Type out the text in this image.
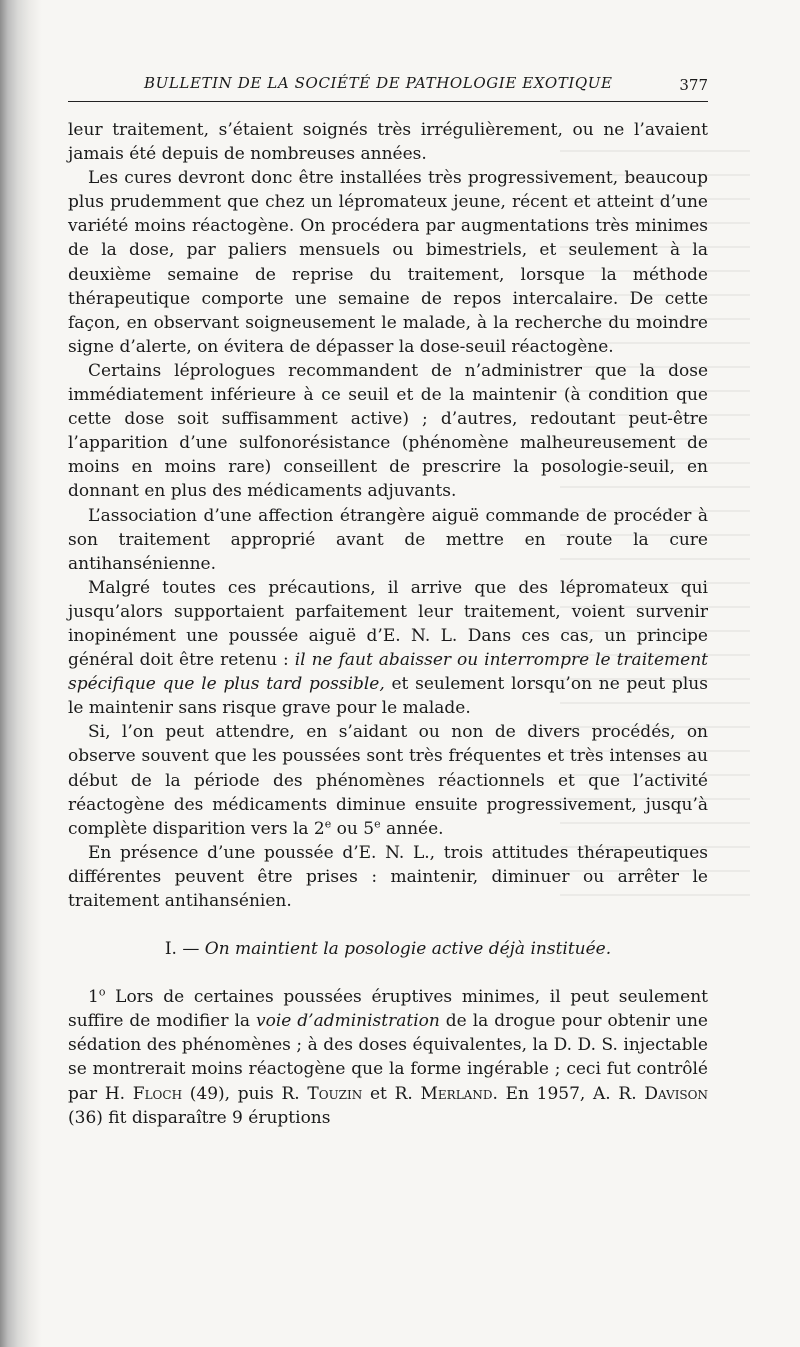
BULLETIN DE LA SOCIÉTÉ DE PATHOLOGIE EXOTIQUE	377

leur traitement, s’étaient soignés très irrégulièrement, ou ne l’avaient jamais été depuis de nombreuses années.

Les cures devront donc être installées très progressivement, beaucoup plus prudemment que chez un lépromateux jeune, récent et atteint d’une variété moins réactogène. On procédera par augmentations très minimes de la dose, par paliers mensuels ou bimestriels, et seulement à la deuxième semaine de reprise du traitement, lorsque la méthode thérapeutique comporte une semaine de repos intercalaire. De cette façon, en observant soigneusement le malade, à la recherche du moindre signe d’alerte, on évitera de dépasser la dose-seuil réactogène.

Certains léprologues recommandent de n’administrer que la dose immédiatement inférieure à ce seuil et de la maintenir (à condition que cette dose soit suffisamment active) ; d’autres, redoutant peut-être l’apparition d’une sulfonorésistance (phénomène malheureusement de moins en moins rare) conseillent de prescrire la posologie-seuil, en donnant en plus des médicaments adjuvants.

L’association d’une affection étrangère aiguë commande de procéder à son traitement approprié avant de mettre en route la cure antihansénienne.

Malgré toutes ces précautions, il arrive que des lépromateux qui jusqu’alors supportaient parfaitement leur traitement, voient survenir inopinément une poussée aiguë d’E. N. L. Dans ces cas, un principe général doit être retenu : il ne faut abaisser ou interrompre le traitement spécifique que le plus tard possible, et seulement lorsqu’on ne peut plus le maintenir sans risque grave pour le malade.

Si, l’on peut attendre, en s’aidant ou non de divers procédés, on observe souvent que les poussées sont très fréquentes et très intenses au début de la période des phénomènes réactionnels et que l’activité réactogène des médicaments diminue ensuite progressivement, jusqu’à complète disparition vers la 2e ou 5e année.

En présence d’une poussée d’E. N. L., trois attitudes thérapeutiques différentes peuvent être prises : maintenir, diminuer ou arrêter le traitement antihansénien.

I. — On maintient la posologie active déjà instituée.

1$^o$ Lors de certaines poussées éruptives minimes, il peut seulement suffire de modifier la voie d’administration de la drogue pour obtenir une sédation des phénomènes ; à des doses équivalentes, la D. D. S. injectable se montrerait moins réactogène que la forme ingérable ; ceci fut contrôlé par H. Floch (49), puis R. Touzin et R. Merland. En 1957, A. R. Davison (36) fit disparaître 9 éruptions
